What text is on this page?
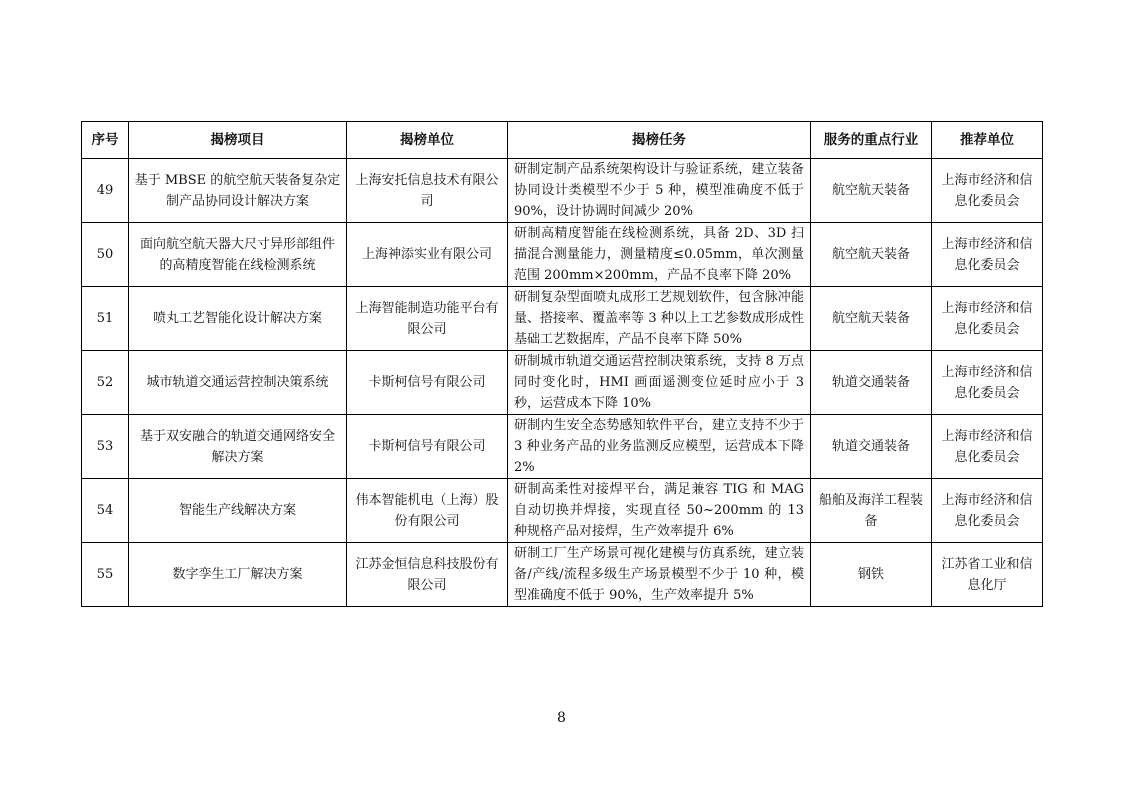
序号	揭榜项目	揭榜单位	揭榜任务	服务的重点行业	推荐单位
49	基于 MBSE 的航空航天装备复杂定制产品协同设计解决方案	上海安托信息技术有限公司	研制定制产品系统架构设计与验证系统，建立装备协同设计类模型不少于 5 种，模型准确度不低于 90%，设计协调时间减少 20%	航空航天装备	上海市经济和信息化委员会
50	面向航空航天器大尺寸异形部组件的高精度智能在线检测系统	上海神添实业有限公司	研制高精度智能在线检测系统，具备 2D、3D 扫描混合测量能力，测量精度≤0.05mm，单次测量范围 200mm×200mm，产品不良率下降 20%	航空航天装备	上海市经济和信息化委员会
51	喷丸工艺智能化设计解决方案	上海智能制造功能平台有限公司	研制复杂型面喷丸成形工艺规划软件，包含脉冲能量、搭接率、覆盖率等 3 种以上工艺参数成形成性基础工艺数据库，产品不良率下降 50%	航空航天装备	上海市经济和信息化委员会
52	城市轨道交通运营控制决策系统	卡斯柯信号有限公司	研制城市轨道交通运营控制决策系统，支持 8 万点同时变化时，HMI 画面遥测变位延时应小于 3 秒，运营成本下降 10%	轨道交通装备	上海市经济和信息化委员会
53	基于双安融合的轨道交通网络安全解决方案	卡斯柯信号有限公司	研制内生安全态势感知软件平台，建立支持不少于 3 种业务产品的业务监测反应模型，运营成本下降 2%	轨道交通装备	上海市经济和信息化委员会
54	智能生产线解决方案	伟本智能机电（上海）股份有限公司	研制高柔性对接焊平台，满足兼容 TIG 和 MAG 自动切换并焊接，实现直径 50~200mm 的 13 种规格产品对接焊，生产效率提升 6%	船舶及海洋工程装备	上海市经济和信息化委员会
55	数字孪生工厂解决方案	江苏金恒信息科技股份有限公司	研制工厂生产场景可视化建模与仿真系统，建立装备/产线/流程多级生产场景模型不少于 10 种，模型准确度不低于 90%，生产效率提升 5%	钢铁	江苏省工业和信息化厅
8
